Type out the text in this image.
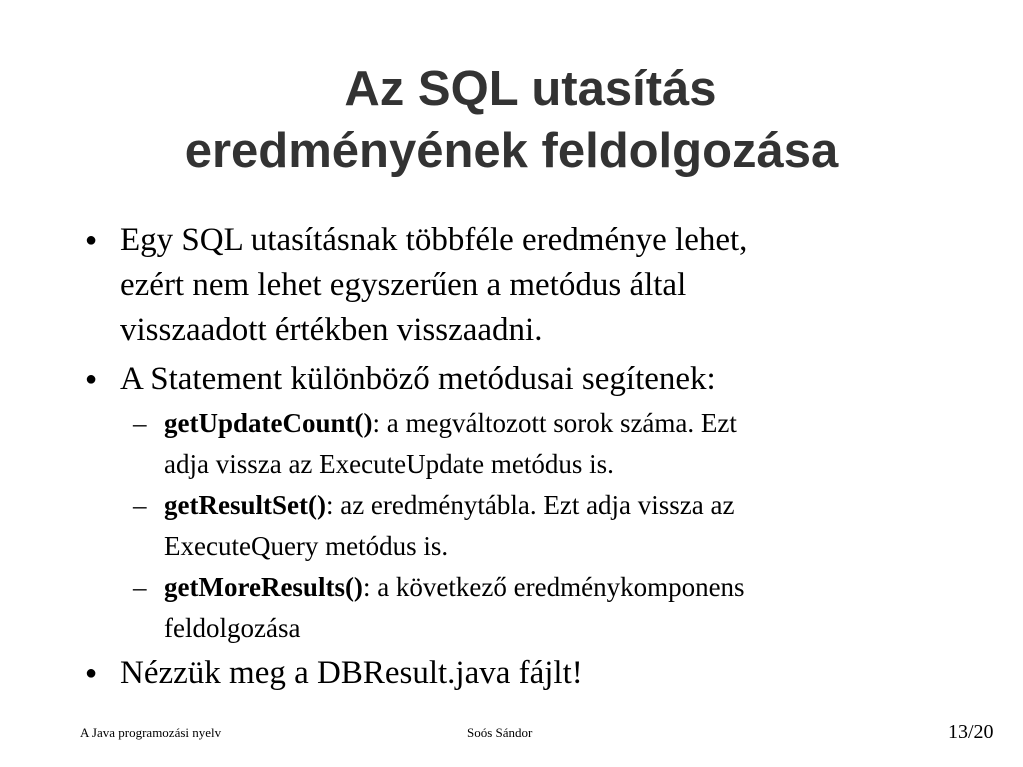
Az SQL utasítás
eredményének feldolgozása
● Egy SQL utasításnak többféle eredménye lehet,
ezért nem lehet egyszerűen a metódus által
visszaadott értékben visszaadni.
● A Statement különböző metódusai segítenek:
– getUpdateCount(): a megváltozott sorok száma. Ezt
adja vissza az ExecuteUpdate metódus is.
– getResultSet(): az eredménytábla. Ezt adja vissza az
ExecuteQuery metódus is.
– getMoreResults(): a következő eredménykomponens
feldolgozása
● Nézzük meg a DBResult.java fájlt!
A Java programozási nyelv	Soós Sándor	13/20
